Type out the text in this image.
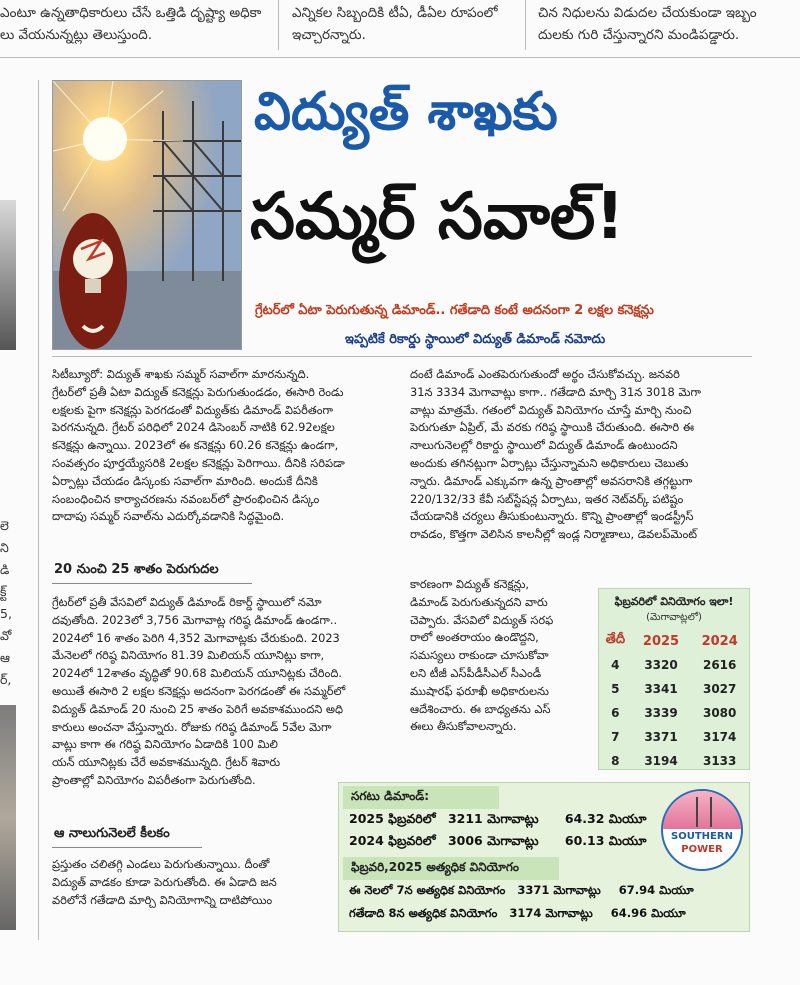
ఎంటూ ఉన్నతాధికారులు చేసే ఒత్తిడి దృష్ట్యా అధికా
లు వేయనున్నట్లు తెలుస్తుంది.
ఎన్నికల సిబ్బందికి టీఏ, డీఏల రూపంలో
ఇచ్చారన్నారు.
చిన నిధులను విడుదల చేయకుండా ఇబ్బం
దులకు గురి చేస్తున్నారని మండిపడ్డారు.
లె
ని
డి
క్ట్
5,
వో
ఆ
ర్,
విద్యుత్ శాఖకు
సమ్మర్ సవాల్!
గ్రేటర్‌లో ఏటా పెరుగుతున్న డిమాండ్.. గతేడాది కంటే అదనంగా 2 లక్షల కనెక్షన్లు
ఇప్పటికే రికార్డు స్థాయిలో విద్యుత్ డిమాండ్ నమోదు

సిటీబ్యూరో: విద్యుత్ శాఖకు సమ్మర్ సవాల్‌గా మారనున్నది.

గ్రేటర్‌లో ప్రతీ ఏటా విద్యుత్ కనెక్షన్లు పెరుగుతుండడం, ఈసారి రెండు

లక్షలకు పైగా కనెక్షన్లు పెరగడంతో విద్యుత్‌కు డిమాండ్ విపరీతంగా

పెరగనున్నది. గ్రేటర్ పరిధిలో 2024 డిసెంబర్ నాటికి 62.92లక్షల

కనెక్షన్లు ఉన్నాయి. 2023లో ఈ కనెక్షన్లు 60.26 కనెక్షన్లు ఉండగా,

సంవత్సరం పూర్తయ్యేసరికి 2లక్షల కనెక్షన్లు పెరిగాయి. దీనికి సరిపడా

ఏర్పాట్లు చేయడం డిస్కంకు సవాల్‌గా మారింది. అందుకే దీనికి

సంబంధించిన కార్యాచరణను నవంబర్‌లో ప్రారంభించిన డిస్కం

దాదాపు సమ్మర్ సవాల్‌ను ఎదుర్కోవడానికి సిద్ధమైంది.

20 నుంచి 25 శాతం పెరుగుదల

గ్రేటర్‌లో ప్రతీ వేసవిలో విద్యుత్ డిమాండ్ రికార్డ్ స్థాయిలో నమో

దవుతోంది. 2023లో 3,756 మెగావాట్ల గరిష్ఠ డిమాండ్ ఉండగా..

2024లో 16 శాతం పెరిగి 4,352 మెగావాట్లకు చేరుకుంది. 2023

మేనెలలో గరిష్ఠ వినియోగం 81.39 మిలియన్ యూనిట్లు కాగా,

2024లో 12శాతం వృద్ధితో 90.68 మిలియన్ యూనిట్లకు చేరింది.

అయితే ఈసారి 2 లక్షల కనెక్షన్లు అదనంగా పెరగడంతో ఈ సమ్మర్‌లో

విద్యుత్ డిమాండ్ 20 నుంచి 25 శాతం పెరిగే అవకాశముందని అధి

కారులు అంచనా వేస్తున్నారు. రోజుకు గరిష్ఠ డిమాండ్ 5వేల మెగా

వాట్లు కాగా ఈ గరిష్ఠ వినియోగం ఏడాదికి 100 మిలి

యన్ యూనిట్లకు చేరే అవకాశమున్నది. గ్రేటర్ శివారు

ప్రాంతాల్లో వినియోగం విపరీతంగా పెరుగుతోంది.

ఆ నాలుగునెలలే కీలకం

ప్రస్తుతం చలితగ్గి ఎండలు పెరుగుతున్నాయి. దీంతో

విద్యుత్ వాడకం కూడా పెరుగుతోంది. ఈ ఏడాది జన

వరిలోనే గతేడాది మార్చి వినియోగాన్ని దాటిపోయిం

దంటే డిమాండ్ ఎంతపెరుగుతుందో అర్థం చేసుకోవచ్చు. జనవరి

31న 3334 మెగావాట్లు కాగా.. గతేడాది మార్చి 31న 3018 మెగా

వాట్లు మాత్రమే. గతంలో విద్యుత్ వినియోగం చూస్తే మార్చి నుంచి

పెరుగుతూ ఏప్రిల్, మే వరకు గరిష్ఠ స్థాయికి చేరుతుంది. ఈసారి ఈ

నాలుగునెలల్లో రికార్డు స్థాయిలో విద్యుత్ డిమాండ్ ఉంటుందని

అందుకు తగినట్లుగా ఏర్పాట్లు చేస్తున్నామని అధికారులు చెబుతు

న్నారు. డిమాండ్ ఎక్కువగా ఉన్న ప్రాంతాల్లో అవసరానికి తగ్గట్టుగా

220/132/33 కేవీ సబ్‌స్టేషన్ల ఏర్పాటు, ఇతర నెట్‌వర్క్ పటిష్టం

చేయడానికి చర్యలు తీసుకుంటున్నారు. కొన్ని ప్రాంతాల్లో ఇండస్ట్రీస్

రావడం, కొత్తగా వెలిసిన కాలనీల్లో ఇండ్ల నిర్మాణాలు, డెవలప్‌మెంట్

కారణంగా విద్యుత్ కనెక్షన్లు,

డిమాండ్ పెరుగుతున్నదని వారు

చెప్పారు. వేసవిలో విద్యుత్ సరఫ

రాలో అంతరాయం ఉండొద్దని,

సమస్యలు రాకుండా చూసుకోవా

లని టీజీ ఎస్‌పీడీసీఎల్ సీఎండీ

ముషారఫ్ ఫరూఖీ అధికారులను

ఆదేశించారు. ఈ బాధ్యతను ఎస్

ఈలు తీసుకోవాలన్నారు.

ఫిబ్రవరిలో వినియోగం ఇలా!
(మెగావాట్లలో)
తేదీ	2025	2024
4	3320	2616
5	3341	3027
6	3339	3080
7	3371	3174
8	3194	3133
సగటు డిమాండ్:
2025 ఫిబ్రవరిలో 3211 మెగావాట్లు 64.32 మియూ
2024 ఫిబ్రవరిలో 3006 మెగావాట్లు 60.13 మియూ
ఫిబ్రవరి,2025 అత్యధిక వినియోగం
ఈ నెలలో 7న అత్యధిక వినియోగం 3371 మెగావాట్లు 67.94 మియూ
గతేడాది 8న అత్యధిక వినియోగం 3174 మెగావాట్లు 64.96 మియూ
SOUTHERN
POWER
